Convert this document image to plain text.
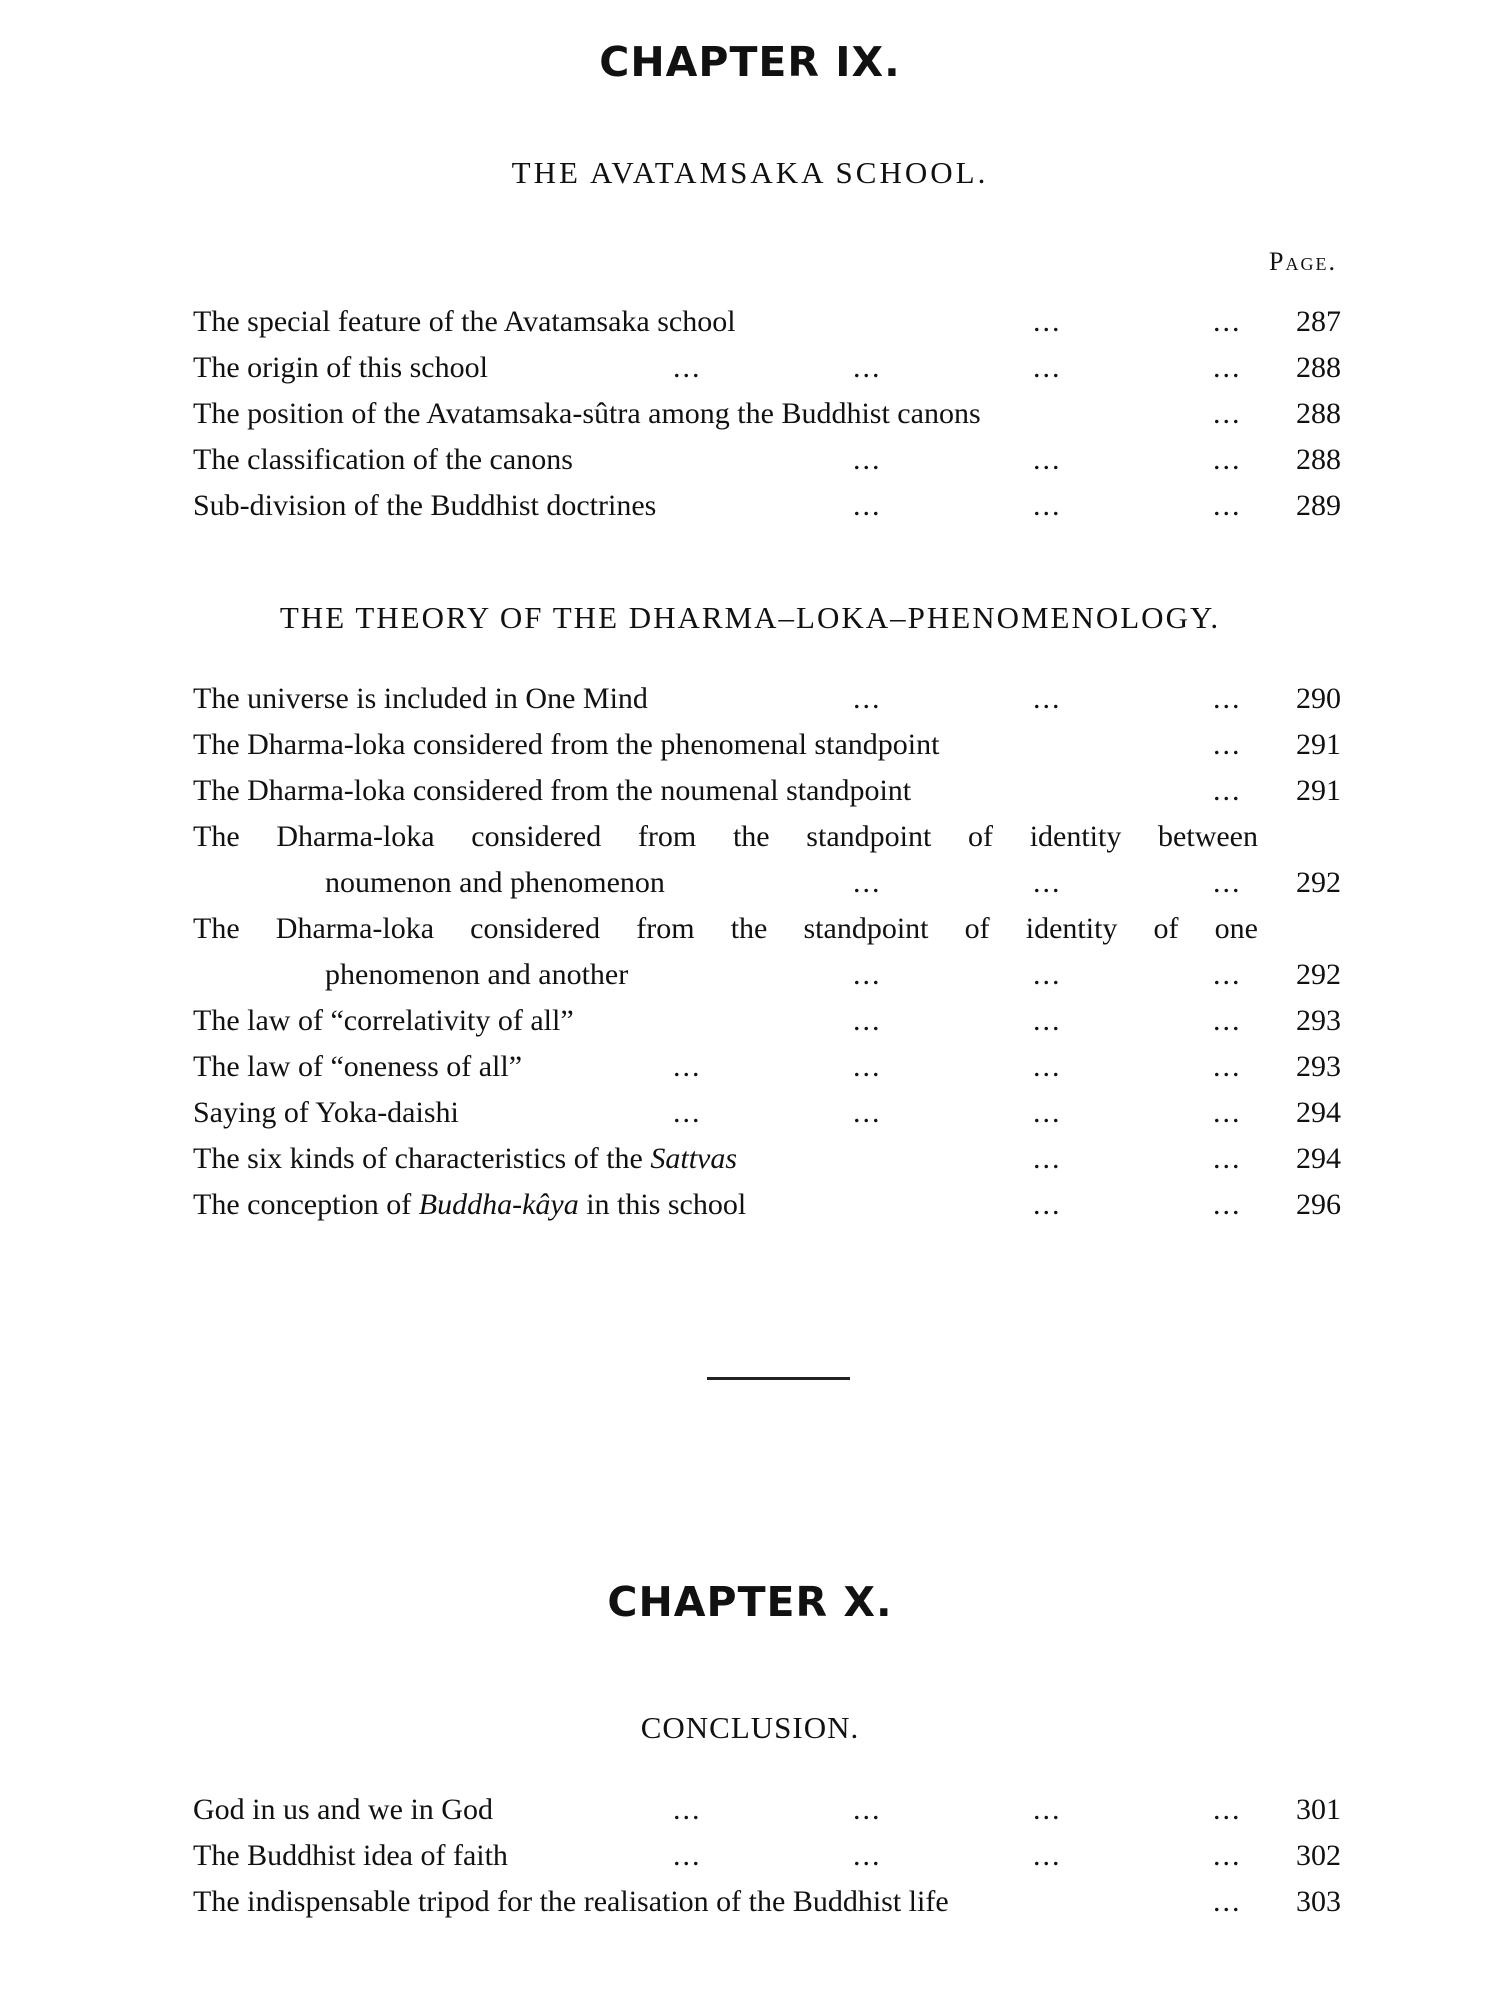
CHAPTER IX.
THE AVATAMSAKA SCHOOL.
Page.
The special feature of the Avatamsaka school	...	...	287
The origin of this school	...	...	...	...	288
The position of the Avatamsaka-sûtra among the Buddhist canons	...	288
The classification of the canons	...	...	...	288
Sub-division of the Buddhist doctrines	...	...	...	289
THE THEORY OF THE DHARMA–LOKA–PHENOMENOLOGY.
The universe is included in One Mind	...	...	...	290
The Dharma-loka considered from the phenomenal standpoint	...	291
The Dharma-loka considered from the noumenal standpoint	...	291
The Dharma-loka considered from the standpoint of identity between
noumenon and phenomenon	...	...	...	292
The Dharma-loka considered from the standpoint of identity of one
phenomenon and another	...	...	...	292
The law of “correlativity of all”	...	...	...	293
The law of “oneness of all”	...	...	...	...	293
Saying of Yoka-daishi	...	...	...	...	294
The six kinds of characteristics of the Sattvas	...	...	294
The conception of Buddha-kâya in this school	...	...	296
CHAPTER X.
CONCLUSION.
God in us and we in God	...	...	...	...	301
The Buddhist idea of faith	...	...	...	...	302
The indispensable tripod for the realisation of the Buddhist life	...	303
